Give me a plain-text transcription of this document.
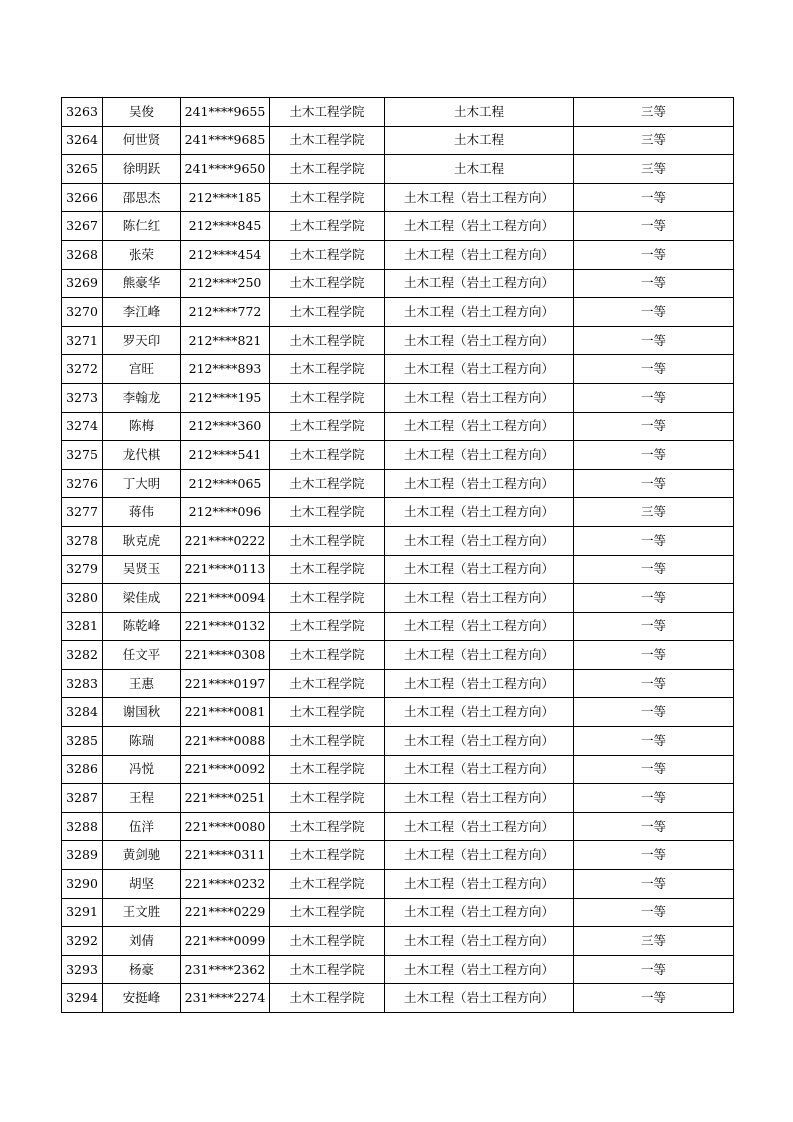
3263	吴俊	241****9655	土木工程学院	土木工程	三等
3264	何世贤	241****9685	土木工程学院	土木工程	三等
3265	徐明跃	241****9650	土木工程学院	土木工程	三等
3266	邵思杰	212****185	土木工程学院	土木工程（岩土工程方向）	一等
3267	陈仁红	212****845	土木工程学院	土木工程（岩土工程方向）	一等
3268	张荣	212****454	土木工程学院	土木工程（岩土工程方向）	一等
3269	熊豪华	212****250	土木工程学院	土木工程（岩土工程方向）	一等
3270	李江峰	212****772	土木工程学院	土木工程（岩土工程方向）	一等
3271	罗天印	212****821	土木工程学院	土木工程（岩土工程方向）	一等
3272	宫旺	212****893	土木工程学院	土木工程（岩土工程方向）	一等
3273	李翰龙	212****195	土木工程学院	土木工程（岩土工程方向）	一等
3274	陈梅	212****360	土木工程学院	土木工程（岩土工程方向）	一等
3275	龙代棋	212****541	土木工程学院	土木工程（岩土工程方向）	一等
3276	丁大明	212****065	土木工程学院	土木工程（岩土工程方向）	一等
3277	蒋伟	212****096	土木工程学院	土木工程（岩土工程方向）	三等
3278	耿克虎	221****0222	土木工程学院	土木工程（岩土工程方向）	一等
3279	吴贤玉	221****0113	土木工程学院	土木工程（岩土工程方向）	一等
3280	梁佳成	221****0094	土木工程学院	土木工程（岩土工程方向）	一等
3281	陈乾峰	221****0132	土木工程学院	土木工程（岩土工程方向）	一等
3282	任文平	221****0308	土木工程学院	土木工程（岩土工程方向）	一等
3283	王惠	221****0197	土木工程学院	土木工程（岩土工程方向）	一等
3284	谢国秋	221****0081	土木工程学院	土木工程（岩土工程方向）	一等
3285	陈瑞	221****0088	土木工程学院	土木工程（岩土工程方向）	一等
3286	冯悦	221****0092	土木工程学院	土木工程（岩土工程方向）	一等
3287	王程	221****0251	土木工程学院	土木工程（岩土工程方向）	一等
3288	伍洋	221****0080	土木工程学院	土木工程（岩土工程方向）	一等
3289	黄剑驰	221****0311	土木工程学院	土木工程（岩土工程方向）	一等
3290	胡坚	221****0232	土木工程学院	土木工程（岩土工程方向）	一等
3291	王文胜	221****0229	土木工程学院	土木工程（岩土工程方向）	一等
3292	刘倩	221****0099	土木工程学院	土木工程（岩土工程方向）	三等
3293	杨豪	231****2362	土木工程学院	土木工程（岩土工程方向）	一等
3294	安挺峰	231****2274	土木工程学院	土木工程（岩土工程方向）	一等
